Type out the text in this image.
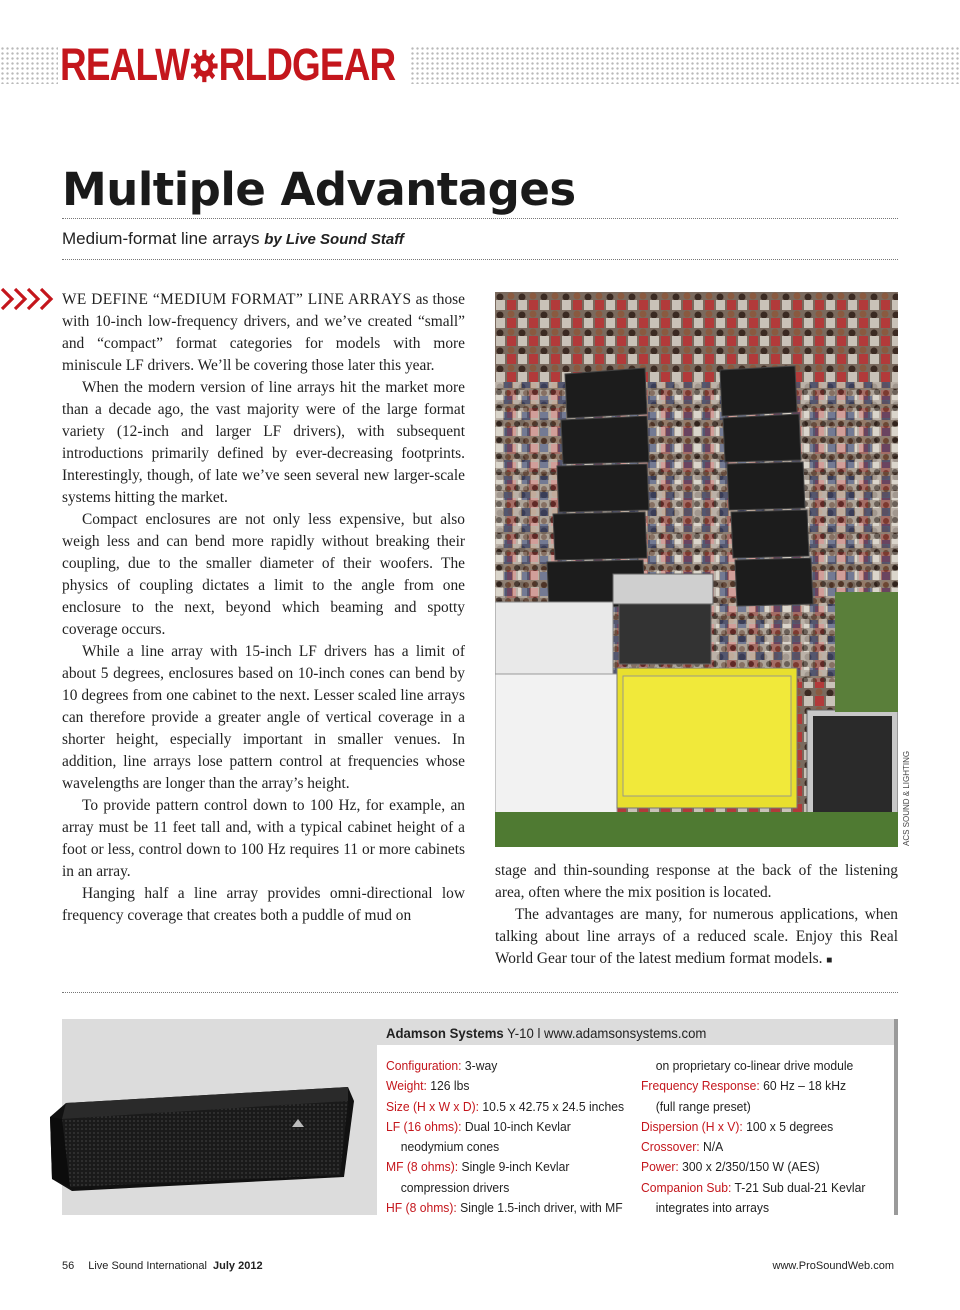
REALW RLDGEAR
Multiple Advantages
Medium-format line arrays by Live Sound Staff

WE DEFINE “MEDIUM FORMAT” LINE ARRAYS as those with 10-inch low-frequency drivers, and we’ve created “small” and “compact” format categories for models with more miniscule LF drivers. We’ll be covering those later this year.

When the modern version of line arrays hit the market more than a decade ago, the vast majority were of the large format variety (12-inch and larger LF drivers), with subsequent introductions primarily defined by ever-decreasing footprints. Interestingly, though, of late we’ve seen several new larger-scale systems hitting the market.

Compact enclosures are not only less expensive, but also weigh less and can bend more rapidly without breaking their coupling, due to the smaller diameter of their woofers. The physics of coupling dictates a limit to the angle from one enclosure to the next, beyond which beaming and spotty coverage occurs.

While a line array with 15-inch LF drivers has a limit of about 5 degrees, enclosures based on 10-inch cones can bend by 10 degrees from one cabinet to the next. Lesser scaled line arrays can therefore provide a greater angle of vertical coverage in a shorter height, especially important in smaller venues. In addition, line arrays lose pattern control at frequencies whose wavelengths are longer than the array’s height.

To provide pattern control down to 100 Hz, for example, an array must be 11 feet tall and, with a typical cabinet height of a foot or less, control down to 100 Hz requires 11 or more cabinets in an array.

Hanging half a line array provides omni-directional low frequency coverage that creates both a puddle of mud on

ACS SOUND & LIGHTING

stage and thin-sounding response at the back of the listening area, often where the mix position is located.

The advantages are many, for numerous applications, when talking about line arrays of a reduced scale. Enjoy this Real World Gear tour of the latest medium format models. ■

Adamson Systems Y-10 l www.adamsonsystems.com
Configuration: 3-way
Weight: 126 lbs
Size (H x W x D): 10.5 x 42.75 x 24.5 inches
LF (16 ohms): Dual 10-inch Kevlar
neodymium cones
MF (8 ohms): Single 9-inch Kevlar
compression drivers
HF (8 ohms): Single 1.5-inch driver, with MF
on proprietary co-linear drive module
Frequency Response: 60 Hz – 18 kHz
(full range preset)
Dispersion (H x V): 100 x 5 degrees
Crossover: N/A
Power: 300 x 2/350/150 W (AES)
Companion Sub: T-21 Sub dual-21 Kevlar
integrates into arrays
56 Live Sound International July 2012	www.ProSoundWeb.com
